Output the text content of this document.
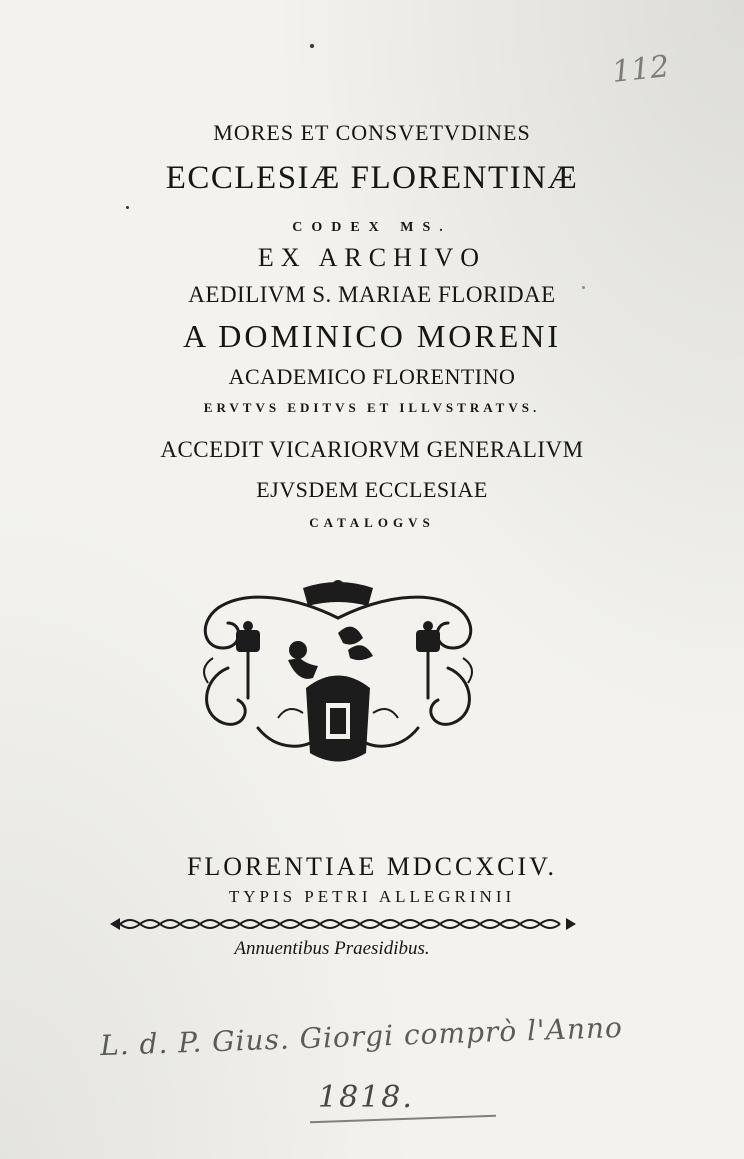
112
MORES ET CONSVETVDINES
ECCLESIÆ FLORENTINÆ
CODEX MS.
EX ARCHIVO
AEDILIVM S. MARIAE FLORIDAE
A DOMINICO MORENI
ACADEMICO FLORENTINO
ERVTVS EDITVS ET ILLVSTRATVS.
ACCEDIT VICARIORVM GENERALIVM
EJVSDEM ECCLESIAE
CATALOGVS
FLORENTIAE MDCCXCIV.
TYPIS PETRI ALLEGRINII
Annuentibus Praesidibus.
L. d. P. Gius. Giorgi comprò l'Anno
1818.
